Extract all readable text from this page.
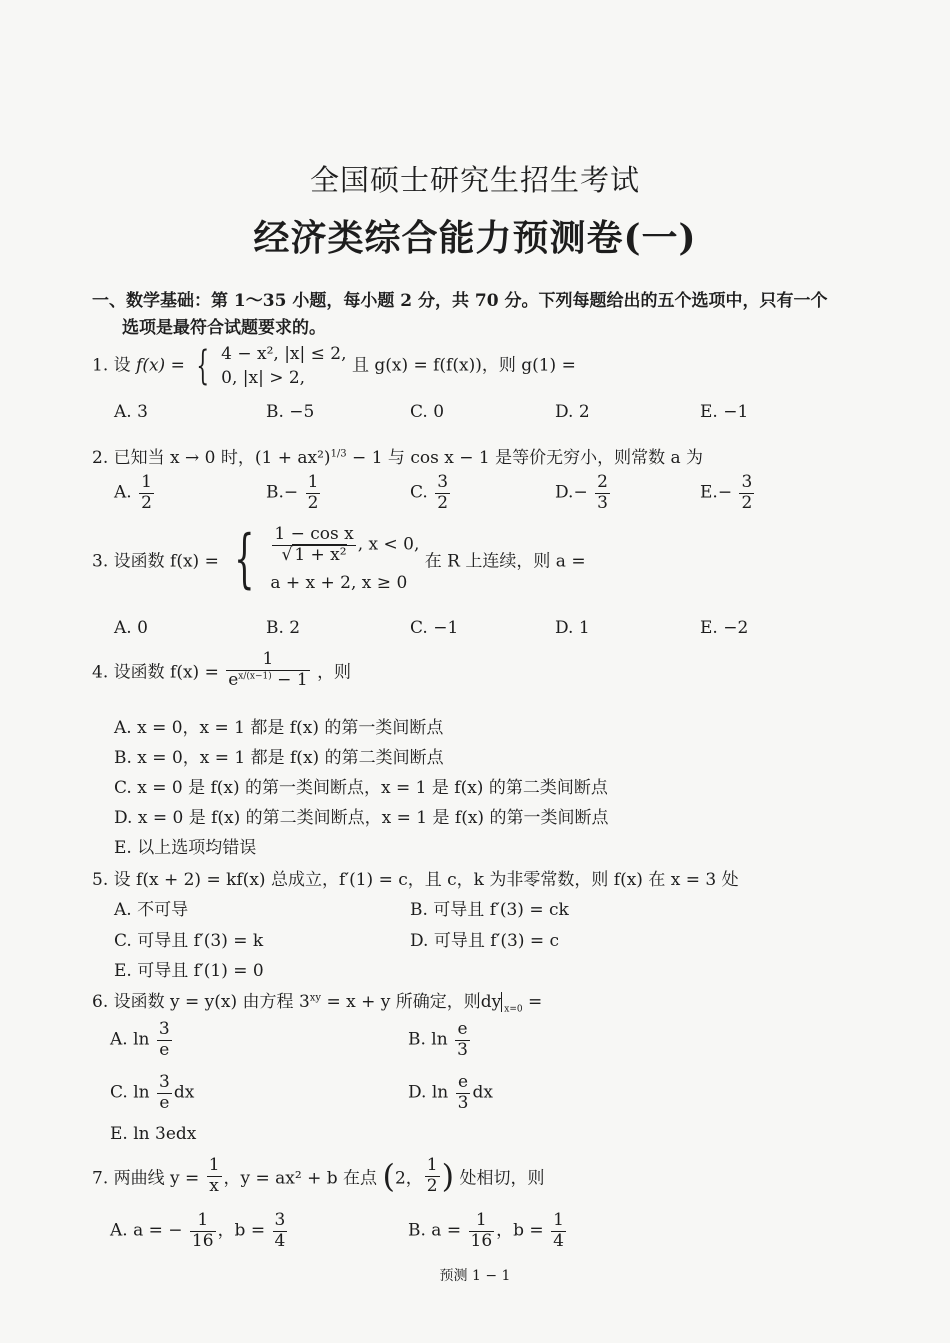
全国硕士研究生招生考试
经济类综合能力预测卷(一)
一、数学基础：第 1～35 小题，每小题 2 分，共 70 分。下列每题给出的五个选项中，只有一个
选项是最符合试题要求的。
1. 设 f(x) = { 4 − x², |x| ≤ 2,
0, |x| > 2,
且 g(x) = f(f(x))，则 g(1) =
A. 3	B. −5	C. 0	D. 2	E. −1
2. 已知当 x → 0 时，$(1 + ax^2)^{1/3} - 1$ 与 cos x − 1 是等价无穷小，则常数 a 为
A. $\frac{1}{2}$	$B.- \frac{1}{2}$	C. $\frac{3}{2}$	$D.- \frac{2}{3}$	$E.- \frac{3}{2}$
3. 设函数 f(x) = { $\frac{\text{1 − cos x}}{\text{√ 1 + x²}}$ , x < 0,
a + x + 2, x ≥ 0
在 R 上连续，则 a =
A. 0	B. 2	C. −1	D. 1	E. −2
4. 设函数 $f(x) = \frac{1}{e^{x/(x-1)} - 1}$ ，则
A. x = 0，x = 1 都是 f(x) 的第一类间断点
B. x = 0，x = 1 都是 f(x) 的第二类间断点
C. x = 0 是 f(x) 的第一类间断点，x = 1 是 f(x) 的第二类间断点
D. x = 0 是 f(x) 的第二类间断点，x = 1 是 f(x) 的第一类间断点
E. 以上选项均错误
5. 设 f(x + 2) = kf(x) 总成立，f′(1) = c，且 c，k 为非零常数，则 f(x) 在 x = 3 处
A. 不可导	B. 可导且 f′(3) = ck
C. 可导且 f′(3) = k	D. 可导且 f′(3) = c
E. 可导且 f′(1) = 0
6. 设函数 y = y(x) 由方程 $3^{xy} = x + y$ 所确定，则dy $_{x=0}$ =
A. $\ln \frac{3}{e}$	B. $\ln \frac{e}{3}$
C. $\ln \frac{3}{e}$ dx	D. $\ln \frac{e}{3}$ dx
E. ln 3edx
7. 两曲线 $y = \frac{1}{x}$ ，y = ax² + b 在点 (2， $\frac{1}{2}$ ) 处相切，则
A. a = − $\frac{1}{16}$ ，$b = \frac{3}{4}$	B. $a = \frac{1}{16}$ ，$b = \frac{1}{4}$
预测 1 − 1
